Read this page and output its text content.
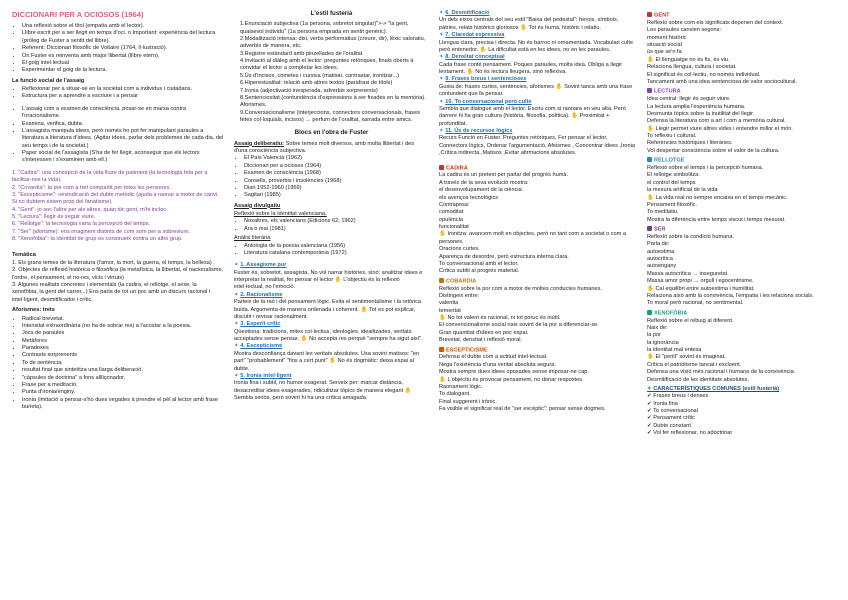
DICCIONARI PER A OCIOSOS (1964)
• Una reflexió sobre el títol (empatia amb el lector).
• Llibre escrit per a ser llegit en temps d'oci. o Important: experiència del lectura (pròleg de Fuster a sentit del llibre).
• Referent: Diccionari filosòfic de Voltaire (1764, Il·lustració).
• On Fuster es reinventa amb major llibertat (llibre etern).
• El goig intel·lectual
• Experimentar el goig de la lectura.
La funció social de l'assaig
• Reflexionar per a situar-se en la societat com a individus i ciutadans.
• Estructura per a aprendre a escriure i a pensar
• L'assaig com a examen de consciència, posar-se en marxa contra l'irracionalisme.
• Examina, verifica, dubta.
• L'assagista manipula idees, però només ho pot fer manipulant paraules a literatura a literatura d'idees. (Agitar idees, parlar dels problemes de cada dia, del seu temps i de la societat.)
• Paper social de l'assagista (S'ha de fer llegir, aconseguir que els lectors s'interessen i s'examinen amb ell.)

1. "Cadira": una concepció de la vida lliure de patiment (la tecnologia feta per a facilitar-nos la vida).

2. "Covardia": la por com a tret compartit per totes les persones.

3. "Escepticisme": reivindicació del dubte metòdic (ajuda a raonar a motor de canvi. Si no dubtem estem prop del fanatisme).

4. "Gent": jo soc l'altre per als altres, quan dic gent, m'hi incloc.

5. "Lectura": llegir és seguir viure.

6. "Rellotge": la tecnologia varia la percepció del temps.

7. "Ser" (aforisme): ens imaginem distints de com som per a sobreviure.

8. "Xenofòbia": la identitat de grup es construeix contra un altre grup.

Temàtica

1. Els grans temes de la literatura (l'amor, la mort, la guerra, el temps, la bellesa)

2. Objectes de reflexió històrica o filosòfica (la metafísica, la llibertat, el nacionalisme, l'ordre, el pensament, el no-res, vicis i virtuts)

3. Algunes realitats concretes i elementals (la cadira, el rellotge, el sexe, la xenofòbia, la gent del carrer...) Ens parla de tot un poc amb un discurs racional i intel·ligent, desmitificador i crític.

Aforismes: trets
• Radical brevetat.
• Intensitat extraordinària (no ha de sobrar res) a l'acostar a la poesia.
• Jocs de paraules
• Metàfores
• Paradoxes
• Contrasts sorprenents
• To de sentència.
• resultat final que sintetitza una llarga deliberació.
• "càpsules de doctrina" a fons allliçonador.
• Frase per a meditació.
• Punta d'ironia/enginy.
• Ironia (imitació a pensar-s'ho dues vegades à prendre el pèl al lector amb frase burleta).
L'estil fusterià
1.Enunciació subjectiva (1a persona, sobretot singular)">-> "la gent, qualsevol individu" (1a persona emprada en sentit genèric).
2.Modalització intensa: dixi, verbs performatius (creure, dir), lèxic valoratiu, adverbis de manera, etc.
3.Registre estàndard amb pinzellades de l'oralitat
4.Invitació al diàleg amb el lector: preguntes retòriques, finals oberts à convidar el lector a completar les idees.
5.Ús d'incisos, cometes i cursiva (matisar, contrastar, ironitzar...)
6.Hiperestualitat: relació amb altres textos (paràfrasi de títols)
7.Ironia (adjectivació inesperada, adverbis sorprenents)
8.Sentenciositat (contundència d'expressions à ser fixades en la memòria). Aforismes.
9.Conversacionalisme (interjeccions, connectors conversacionals, frases fetes col·loquials, incisos) → perfum de l'oralitat, xarrada entre amics.
Blocs en l'obra de Fuster

Assaig deliberatiu: Sobre temes molt diversos, amb molta llibertat i des d'una consciència subjectiva.

• El País Valencià (1962)
• Diccionari per a ocioses (1964)
• Examen de consciència (1968)
• Consells, proverbis i insolències (1968)
• Diari 1952-1960 (1969)
• Sagitari (1985)
Assaig divulgatiu

Reflexió sobre la identitat valenciana.

• Nosaltres, els valencians (Edicions 62, 1962)
• Ara o mai (1981)
Anàlisi literària
• Antologia de la poesia valenciana (1956)
• Literatura catalana contemporània (1972)
✦ 1. Assagisme pur

Fuster és, sobretot, assagista. No vol narrar històries, sinó: analitzar idees e interpretar la realitat, fer pensar el lector ✋ L'objectiu és la reflexió intel·lectual, no l'emoció.

✦ 2. Racionalisme

Parteix de la raó i del pensament lògic. Evita el sentimentalisme i la retòrica buida. Argumenta de manera ordenada i coherent. ✋ Tot es pot explicar, discutir i revisar racionalment.

✦ 3. Esperit crític

Qüestiona: tradicions, mites col·lectius, ideologies, idealitzades, veritats acceptades sense pensar. ✋ No accepta res perquè "sempre ha sigut així".

✦ 4. Escepticisme

Mostra desconfiança davant les veritats absolutes. Usa sovint matisos: "en part" "probablement" "fins a cert punt" ✋ No és dogmàtic: deixa espai al dubte.

✦ 5. Ironia intel·ligent

Ironia fina i subtil, no humor exagerat. Serveix per: marcar distància, desacreditar idees exagerades, ridiculitzar tòpics de manera elegant ✋ Sembla seriós, però sovint hi ha una crítica amagada.

✦ 6. Desmitificació

Un dels eixos centrals del seu estil "Baixa del pedestal": herois, símbols, pàtries, relats històrics gloriosos ✋ Tot és humà, històric i relatiu.

✦ 7. Claredat expressiva

Llengua clara, precisa i directa. No és barroc ni ornamentada. Vocabulari culte però entenedor. ✋ La dificultat està en les idees, no en les paraules.

✦ 8. Densitat conceptual

Cada frase conté pensament. Poques paraules, molta idea. Obliga a llegir lentament. ✋ No és lectura lleugera, sinó reflexiva.

✦ 9. Frases breus i sentencioses

Gusta de: frases curtes, sentències, aforismes ✋ Sovint tanca amb una frase contundent que fa pensar.

✦ 10. To conversacional però culte

Sembla que dialogue amb el lector. Escriu com si raonara en veu alta. Però darrere hi ha gran cultura (història, filosofia, política). ✋ Proximitat + profunditat.

✦ 11. Ús de recursos lògics

Recurs Funció en Fuster. Preguntes retòriques, Fer pensar el lector, Connectors lògics, Ordenar l'argumentació, Afeismes , Concentrar idees ,Ironia ,Crítica indirecta ,Matisos ,Evitar afirmacions absolutes.

CADIRA

La cadira és un pretext per parlar del progrés humà.

A través de la seva evolució mostra:

el desenvolupament de la ciència

els avenços tecnològics

Contraposa:

comoditat

opulència

funcionalitat

✋ Ironitza: avancem molt en objectes, però no tant com a societat o com a persones.

Oracions curtes.

Aparença de desordre, però estructura interna clara.

To conversacional amb el lector.

Crítica subtil al progrés material.

COBARDIA

Reflexió sobre la por com a motor de moltes conductes humanes.

Distingeix entre:

valentia

temeritat

✋ No tot valent és racional, ni tot poruc és inútil.

El convencionalisme social naix sovint de la por a diferenciar-se.

Gran quantitat d'idees en poc espai.

Brevetat, densitat i reflexió moral.

ESCEPTICISME

Defensa el dubte com a actitud intel·lectual.

Nega l'existència d'una veritat absoluta segura.

Mostra sempre dues idees oposades sense imposar-ne cap.

✋ L'objectiu és provocar pensament, no donar respostes.

Raonament lògic.

To dialogant.

Final suggerent i irònic.

Fa visible el significat real de "ser escèptic": pensar sense dogmes.

GENT

Reflexió sobre com els significats depenen del context.

Les paraules canvien segons:

moment històric

situació social

ús que se'n fa

✋ El llenguatge no és fix, és viu.

Relaciona llengua, cultura i societat.

El significat és col·lectiu, no només individual.

Tancament amb una idea sentenciosa de valor sociocultural.

LECTURA

Idea central: llegir és seguir viure.

La lectura amplia l'experiència humana.

Desmunta tòpics sobre la inutilitat del llegir.

Defensa la literatura com a art i com a memòria cultural.

✋ Llegir permet viure altres vides i entendre millor el món.

To reflexiu i cultural.

Referències històriques i literàries.

Vol despertar consciència sobre el valor de la cultura.

RELLOTGE

Reflexió sobre el temps i la percepció humana.

El rellotge simbolitza:

el control del temps

la mesura artificial de la vida

✋ La vida real no sempre encaixa en el temps mecànic.

Pensament filosòfic.

To meditatiu.

Mostra la diferència entre temps viscut i temps mesurat.

SER

Reflexió sobre la condició humana.

Parla de:

autoestima

autocrítica

autoengany

Massa autocrítica → inseguretat.

Massa amor propi → orgull i egocentrisme.

✋ Cal equilibri entre autoestima i humilitat.

Relaciona això amb la convivència, l'empatia i les relacions socials.

To moral però racional, no sentimental.

XENOFÒBIA

Reflexió sobre el rebuig al diferent.

Naix de:

la por

la ignorància

la identitat mal entesa

✋ El "perill" sovint és imaginat.

Critica el patriotisme tancat i excloent.

Defensa una visió més racional i humana de la convivència.

Desmitificació de les identitats absolutes.

✦ CARACTERÍSTIQUES COMUNES (estil fusterià)

✔ Frases breus i denses

✔ Ironia fina

✔ To conversacional

✔ Pensament crític

✔ Dubte constant

✔ Vol fer reflexionar, no adoctrinar
